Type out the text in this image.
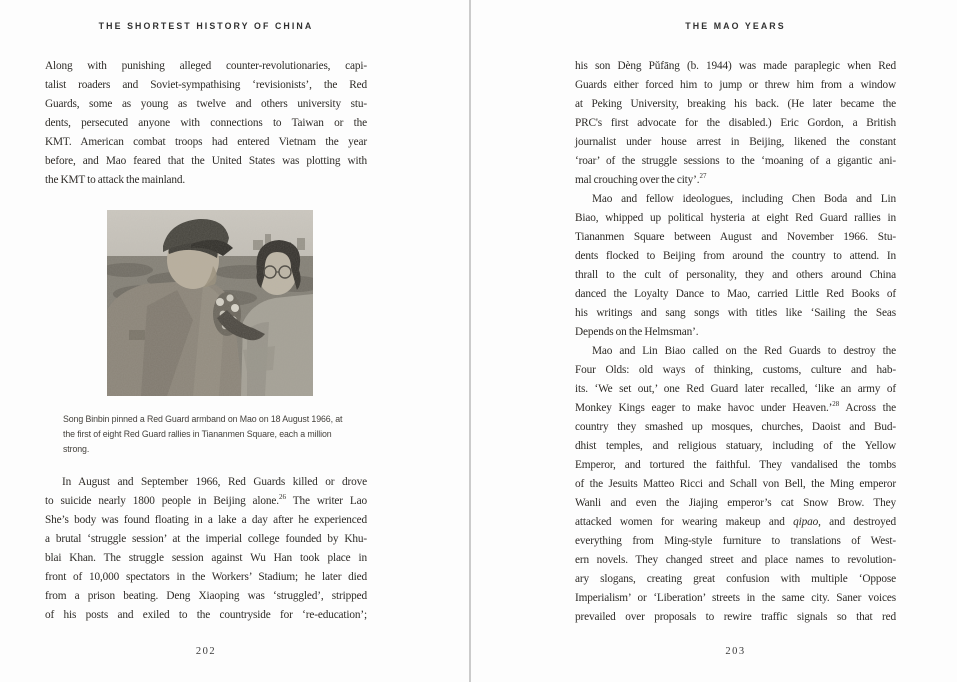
THE SHORTEST HISTORY OF CHINA
Along with punishing alleged counter-revolutionaries, capi-
talist roaders and Soviet-sympathising ‘revisionists’, the Red
Guards, some as young as twelve and others university stu-
dents, persecuted anyone with connections to Taiwan or the
KMT. American combat troops had entered Vietnam the year
before, and Mao feared that the United States was plotting with
the KMT to attack the mainland.
Song Binbin pinned a Red Guard armband on Mao on 18 August 1966, at
the first of eight Red Guard rallies in Tiananmen Square, each a million
strong.
In August and September 1966, Red Guards killed or drove
to suicide nearly 1800 people in Beijing alone.$^{26}$ The writer Lao
She’s body was found floating in a lake a day after he experienced
a brutal ‘struggle session’ at the imperial college founded by Khu-
blai Khan. The struggle session against Wu Han took place in
front of 10,000 spectators in the Workers’ Stadium; he later died
from a prison beating. Deng Xiaoping was ‘struggled’, stripped
of his posts and exiled to the countryside for ‘re-education’;
202
THE MAO YEARS
his son Dèng Pǔfāng (b. 1944) was made paraplegic when Red
Guards either forced him to jump or threw him from a window
at Peking University, breaking his back. (He later became the
PRC's first advocate for the disabled.) Eric Gordon, a British
journalist under house arrest in Beijing, likened the constant
‘roar’ of the struggle sessions to the ‘moaning of a gigantic ani-
mal crouching over the city’.$^{27}$
Mao and fellow ideologues, including Chen Boda and Lin
Biao, whipped up political hysteria at eight Red Guard rallies in
Tiananmen Square between August and November 1966. Stu-
dents flocked to Beijing from around the country to attend. In
thrall to the cult of personality, they and others around China
danced the Loyalty Dance to Mao, carried Little Red Books of
his writings and sang songs with titles like ‘Sailing the Seas
Depends on the Helmsman’.
Mao and Lin Biao called on the Red Guards to destroy the
Four Olds: old ways of thinking, customs, culture and hab-
its. ‘We set out,’ one Red Guard later recalled, ‘like an army of
Monkey Kings eager to make havoc under Heaven.’$^{28}$ Across the
country they smashed up mosques, churches, Daoist and Bud-
dhist temples, and religious statuary, including of the Yellow
Emperor, and tortured the faithful. They vandalised the tombs
of the Jesuits Matteo Ricci and Schall von Bell, the Ming emperor
Wanli and even the Jiajing emperor’s cat Snow Brow. They
attacked women for wearing makeup and qipao, and destroyed
everything from Ming-style furniture to translations of West-
ern novels. They changed street and place names to revolution-
ary slogans, creating great confusion with multiple ‘Oppose
Imperialism’ or ‘Liberation’ streets in the same city. Saner voices
prevailed over proposals to rewire traffic signals so that red
203
